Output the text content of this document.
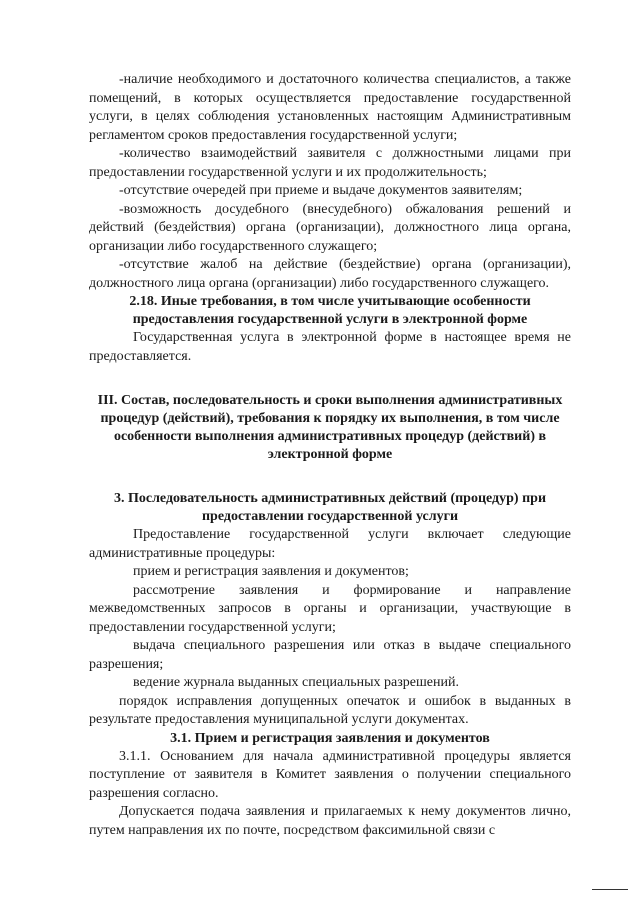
-наличие необходимого и достаточного количества специалистов, а также помещений, в которых осуществляется предоставление государственной услуги, в целях соблюдения установленных настоящим Административным регламентом сроков предоставления государственной услуги;

-количество взаимодействий заявителя с должностными лицами при предоставлении государственной услуги и их продолжительность;

-отсутствие очередей при приеме и выдаче документов заявителям;

-возможность досудебного (внесудебного) обжалования решений и действий (бездействия) органа (организации), должностного лица органа, организации либо государственного служащего;

-отсутствие жалоб на действие (бездействие) органа (организации), должностного лица органа (организации) либо государственного служащего.

2.18. Иные требования, в том числе учитывающие особенности предоставления государственной услуги в электронной форме

Государственная услуга в электронной форме в настоящее время не предоставляется.

III. Состав, последовательность и сроки выполнения административных процедур (действий), требования к порядку их выполнения, в том числе особенности выполнения административных процедур (действий) в электронной форме

3. Последовательность административных действий (процедур) при предоставлении государственной услуги

Предоставление государственной услуги включает следующие административные процедуры:

прием и регистрация заявления и документов;

рассмотрение заявления и формирование и направление межведомственных запросов в органы и организации, участвующие в предоставлении государственной услуги;

выдача специального разрешения или отказ в выдаче специального разрешения;

ведение журнала выданных специальных разрешений.

порядок исправления допущенных опечаток и ошибок в выданных в результате предоставления муниципальной услуги документах.

3.1. Прием и регистрация заявления и документов

3.1.1. Основанием для начала административной процедуры является поступление от заявителя в Комитет заявления о получении специального разрешения согласно.

Допускается подача заявления и прилагаемых к нему документов лично, путем направления их по почте, посредством факсимильной связи с
